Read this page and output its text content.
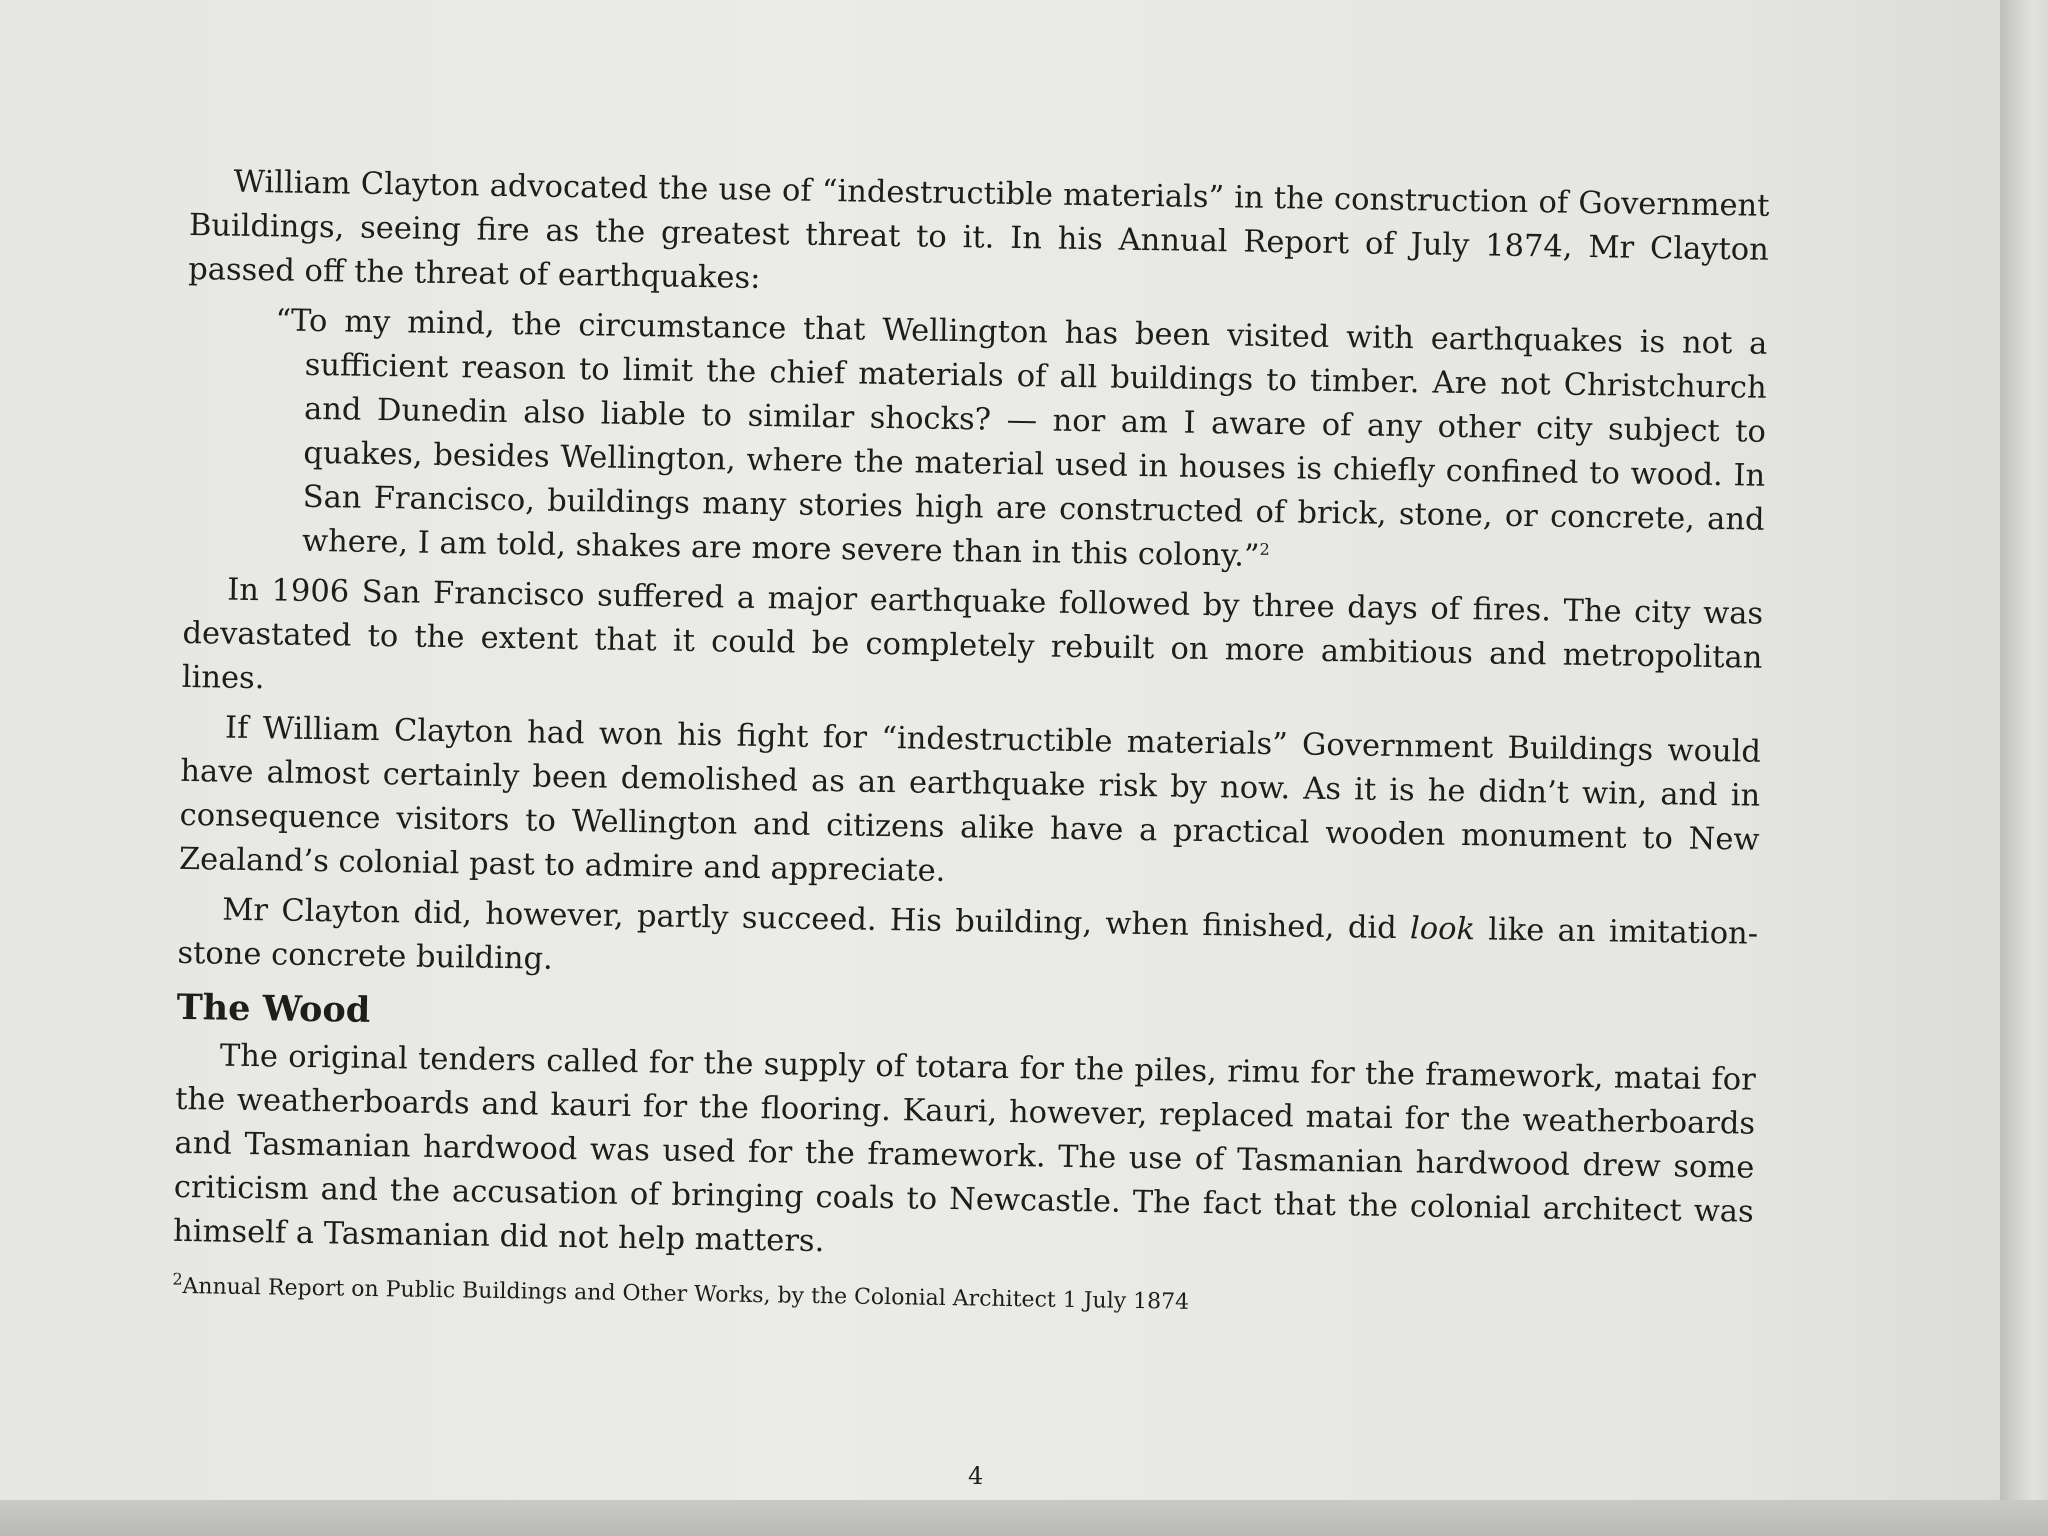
William Clayton advocated the use of “indestructible materials” in the construction of Government Buildings, seeing fire as the greatest threat to it. In his Annual Report of July 1874, Mr Clayton passed off the threat of earthquakes:

“To my mind, the circumstance that Wellington has been visited with earthquakes is not a sufficient reason to limit the chief materials of all buildings to timber. Are not Christchurch and Dunedin also liable to similar shocks? — nor am I aware of any other city subject to quakes, besides Wellington, where the material used in houses is chiefly confined to wood. In San Francisco, buildings many stories high are constructed of brick, stone, or concrete, and where, I am told, shakes are more severe than in this colony.”$^2$

In 1906 San Francisco suffered a major earthquake followed by three days of fires. The city was devastated to the extent that it could be completely rebuilt on more ambitious and metropolitan lines.

If William Clayton had won his fight for “indestructible materials” Government Buildings would have almost certainly been demolished as an earthquake risk by now. As it is he didn’t win, and in consequence visitors to Wellington and citizens alike have a practical wooden monument to New Zealand’s colonial past to admire and appreciate.

Mr Clayton did, however, partly succeed. His building, when finished, did look like an imitation-stone concrete building.

The Wood

The original tenders called for the supply of totara for the piles, rimu for the framework, matai for the weatherboards and kauri for the flooring. Kauri, however, replaced matai for the weatherboards and Tasmanian hardwood was used for the framework. The use of Tasmanian hardwood drew some criticism and the accusation of bringing coals to Newcastle. The fact that the colonial architect was himself a Tasmanian did not help matters.

$^2$Annual Report on Public Buildings and Other Works, by the Colonial Architect 1 July 1874

4
